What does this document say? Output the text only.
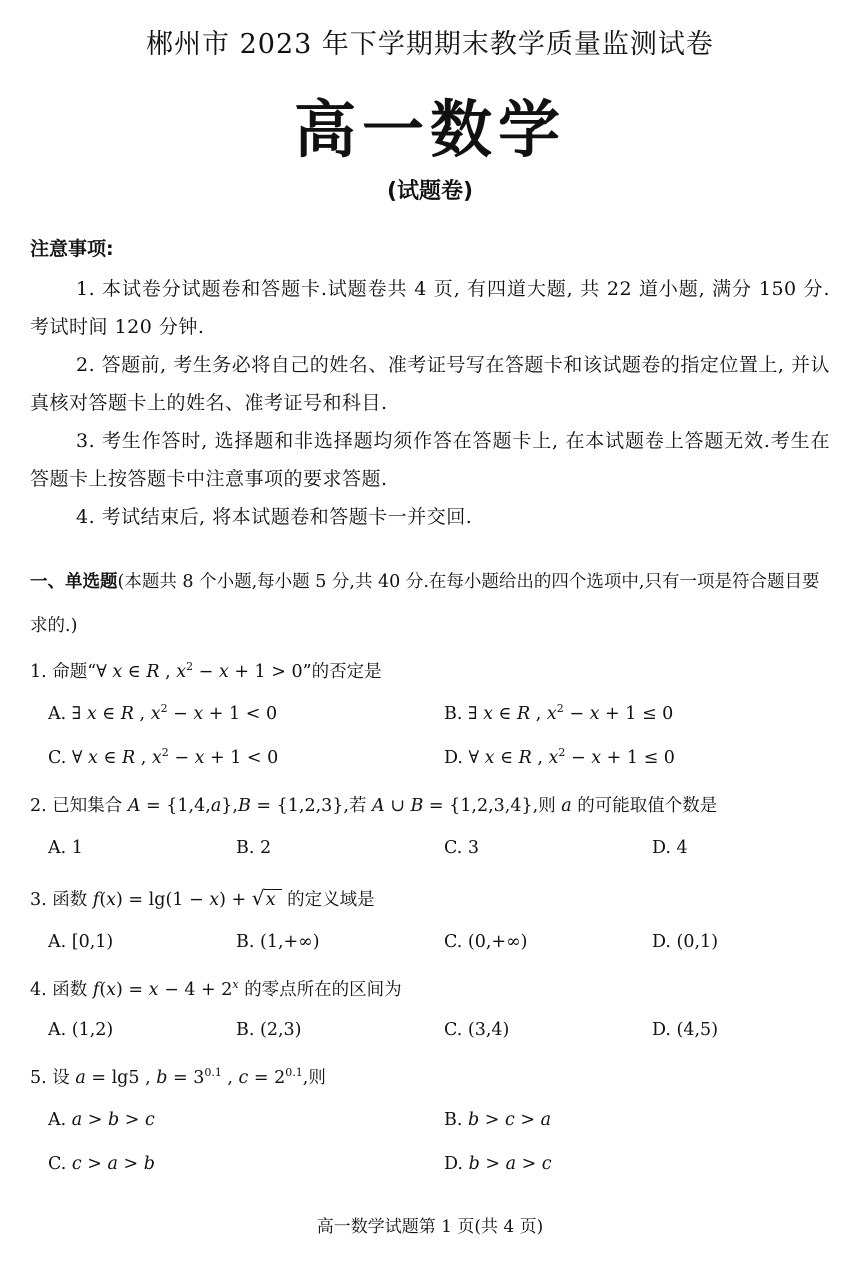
郴州市 2023 年下学期期末教学质量监测试卷
高一数学
(试题卷)
注意事项:
1. 本试卷分试题卷和答题卡.试题卷共 4 页, 有四道大题, 共 22 道小题, 满分 150 分.考试时间 120 分钟.
2. 答题前, 考生务必将自己的姓名、准考证号写在答题卡和该试题卷的指定位置上, 并认真核对答题卡上的姓名、准考证号和科目.
3. 考生作答时, 选择题和非选择题均须作答在答题卡上, 在本试题卷上答题无效.考生在答题卡上按答题卡中注意事项的要求答题.
4. 考试结束后, 将本试题卷和答题卡一并交回.
一、单选题(本题共 8 个小题,每小题 5 分,共 40 分.在每小题给出的四个选项中,只有一项是符合题目要求的.)
1. 命题“∀ x ∈ R , $x^2 - x + 1 > 0$”的否定是
A. ∃ x ∈ R , $x^2 - x + 1 < 0$	B. ∃ x ∈ R , $x^2 - x + 1 \le 0$
C. ∀ x ∈ R , $x^2 - x + 1 < 0$	D. ∀ x ∈ R , $x^2 - x + 1 \le 0$
2. 已知集合 A = {1,4,a},B = {1,2,3},若 A ∪ B = {1,2,3,4},则 a 的可能取值个数是
A. 1	B. 2	C. 3	D. 4
3. 函数 f(x) = lg(1 − x) + √ x 的定义域是
A. [0,1)	B. (1,+∞)	C. (0,+∞)	D. (0,1)
4. 函数 $f(x) = x - 4 + 2^x$ 的零点所在的区间为
A. (1,2)	B. (2,3)	C. (3,4)	D. (4,5)
5. 设 a = lg5 , $b = 3^{0.1}$ , $c = 2^{0.1}$,则
A. a > b > c	B. b > c > a
C. c > a > b	D. b > a > c
高一数学试题第 1 页(共 4 页)
